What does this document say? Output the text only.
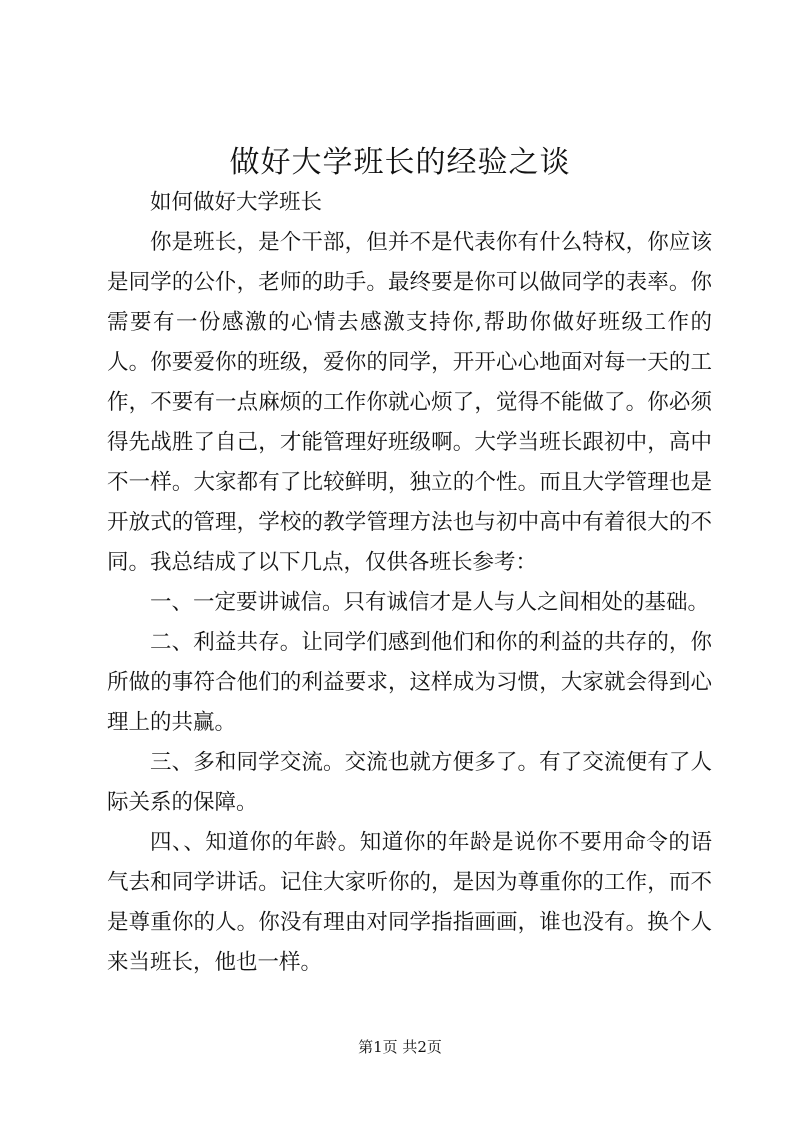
做好大学班长的经验之谈

如何做好大学班长

你是班长，是个干部，但并不是代表你有什么特权，你应该是同学的公仆，老师的助手。最终要是你可以做同学的表率。你需要有一份感激的心情去感激支持你,帮助你做好班级工作的人。你要爱你的班级，爱你的同学，开开心心地面对每一天的工作，不要有一点麻烦的工作你就心烦了，觉得不能做了。你必须得先战胜了自己，才能管理好班级啊。大学当班长跟初中，高中不一样。大家都有了比较鲜明，独立的个性。而且大学管理也是开放式的管理，学校的教学管理方法也与初中高中有着很大的不同。我总结成了以下几点，仅供各班长参考：

一、一定要讲诚信。只有诚信才是人与人之间相处的基础。

二、利益共存。让同学们感到他们和你的利益的共存的，你所做的事符合他们的利益要求，这样成为习惯，大家就会得到心理上的共赢。

三、多和同学交流。交流也就方便多了。有了交流便有了人际关系的保障。

四、、知道你的年龄。知道你的年龄是说你不要用命令的语气去和同学讲话。记住大家听你的，是因为尊重你的工作，而不是尊重你的人。你没有理由对同学指指画画，谁也没有。换个人来当班长，他也一样。

第1页 共2页
